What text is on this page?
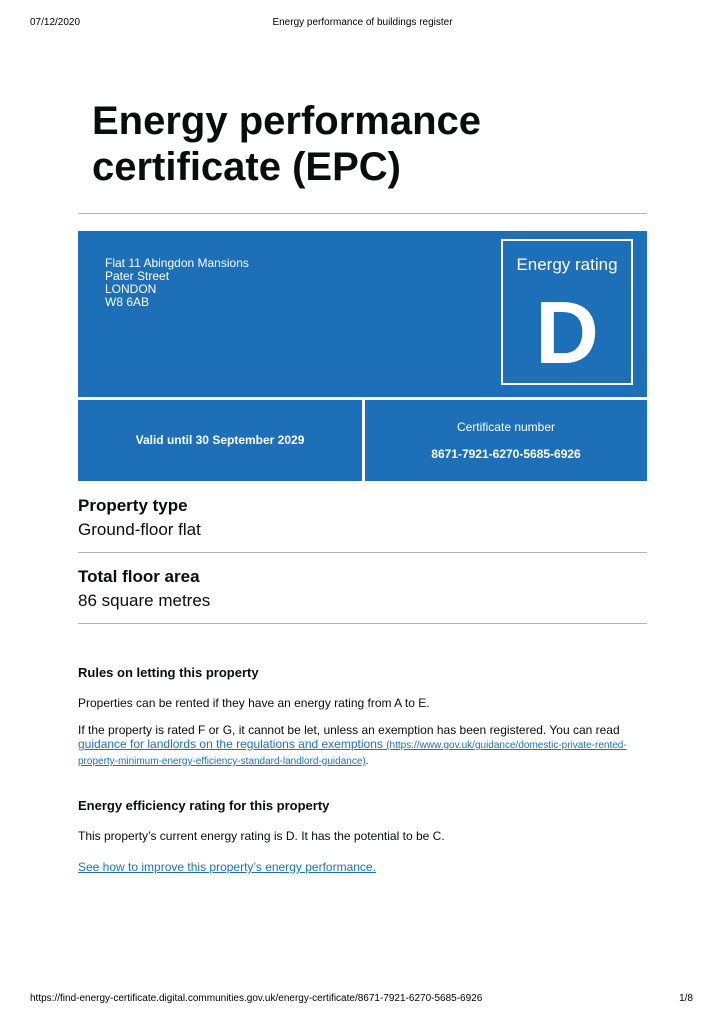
07/12/2020	Energy performance of buildings register
Energy performance
certificate (EPC)
Flat 11 Abingdon Mansions
Pater Street
LONDON
W8 6AB
Energy rating
D
Valid until 30 September 2029
Certificate number
8671-7921-6270-5685-6926
Property type

Ground-floor flat

Total floor area

86 square metres

Rules on letting this property

Properties can be rented if they have an energy rating from A to E.

If the property is rated F or G, it cannot be let, unless an exemption has been registered. You can read
guidance for landlords on the regulations and exemptions (https://www.gov.uk/guidance/domestic-private-rented-
property-minimum-energy-efficiency-standard-landlord-guidance).

Energy efficiency rating for this property

This property’s current energy rating is D. It has the potential to be C.

See how to improve this property’s energy performance.

https://find-energy-certificate.digital.communities.gov.uk/energy-certificate/8671-7921-6270-5685-6926	1/8
